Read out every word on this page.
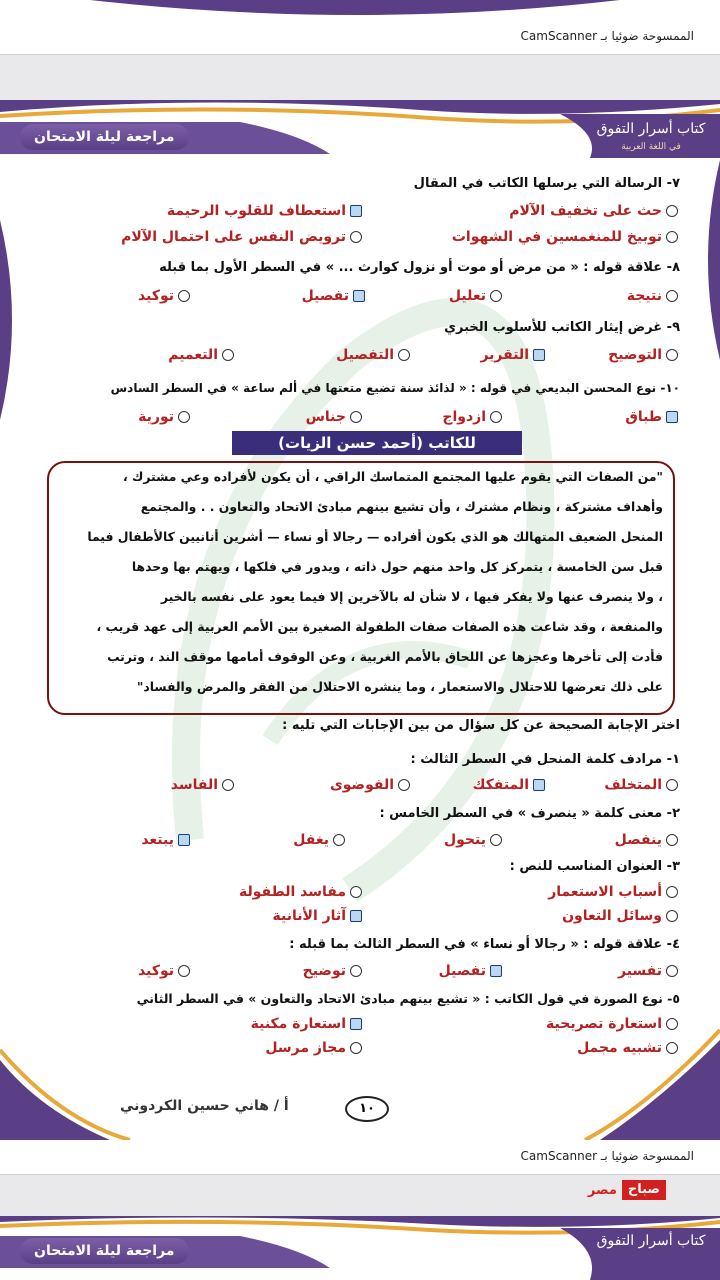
الممسوحة ضوئيا بـ CamScanner
مراجعة ليلة الامتحان	كتاب أسرار التفوق
في اللغة العربية
٧- الرسالة التي يرسلها الكاتب في المقال
حث على تخفيف الآلام
استعطاف للقلوب الرحيمة
توبيخ للمنغمسين في الشهوات
ترويض النفس على احتمال الآلام
٨- علاقة قوله : « من مرض أو موت أو نزول كوارث ... » في السطر الأول بما قبله
نتيجة
تعليل
تفصيل
توكيد
٩- غرض إيثار الكاتب للأسلوب الخبري
التوضيح
التقرير
التفصيل
التعميم
١٠- نوع المحسن البديعي في قوله : « لذائذ سنة تضيع متعتها في ألم ساعة » في السطر السادس
طباق
ازدواج
جناس
تورية
للكاتب (أحمد حسن الزيات)
"من الصفات التي يقوم عليها المجتمع المتماسك الراقي ، أن يكون لأفراده وعي مشترك ،
وأهداف مشتركة ، ونظام مشترك ، وأن تشيع بينهم مبادئ الاتحاد والتعاون . . والمجتمع
المنحل الضعيف المتهالك هو الذي يكون أفراده — رجالا أو نساء — أشرين أنانيين كالأطفال فيما
قبل سن الخامسة ، يتمركز كل واحد منهم حول ذاته ، ويدور في فلكها ، ويهتم بها وحدها
، ولا ينصرف عنها ولا يفكر فيها ، لا شأن له بالآخرين إلا فيما يعود على نفسه بالخير
والمنفعة ، وقد شاعت هذه الصفات صفات الطفولة الصغيرة بين الأمم العربية إلى عهد قريب ،
فأدت إلى تأخرها وعجزها عن اللحاق بالأمم الغربية ، وعن الوقوف أمامها موقف الند ، وترتب
على ذلك تعرضها للاحتلال والاستعمار ، وما ينشره الاحتلال من الفقر والمرض والفساد"
اختر الإجابة الصحيحة عن كل سؤال من بين الإجابات التي تليه :
١- مرادف كلمة المنحل في السطر الثالث :
المتخلف
المتفكك
الفوضوى
الفاسد
٢- معنى كلمة « ينصرف » في السطر الخامس :
ينفصل
يتحول
يغفل
يبتعد
٣- العنوان المناسب للنص :
أسباب الاستعمار
مفاسد الطفولة
وسائل التعاون
آثار الأنانية
٤- علاقة قوله : « رجالا أو نساء » في السطر الثالث بما قبله :
تفسير
تفصيل
توضيح
توكيد
٥- نوع الصورة في قول الكاتب : « تشيع بينهم مبادئ الاتحاد والتعاون » في السطر الثاني
استعارة تصريحية
استعارة مكنية
تشبيه مجمل
مجاز مرسل
أ / هاني حسين الكردوني	١٠
الممسوحة ضوئيا بـ CamScanner
صباح
مصر
مراجعة ليلة الامتحان
كتاب أسرار التفوق
